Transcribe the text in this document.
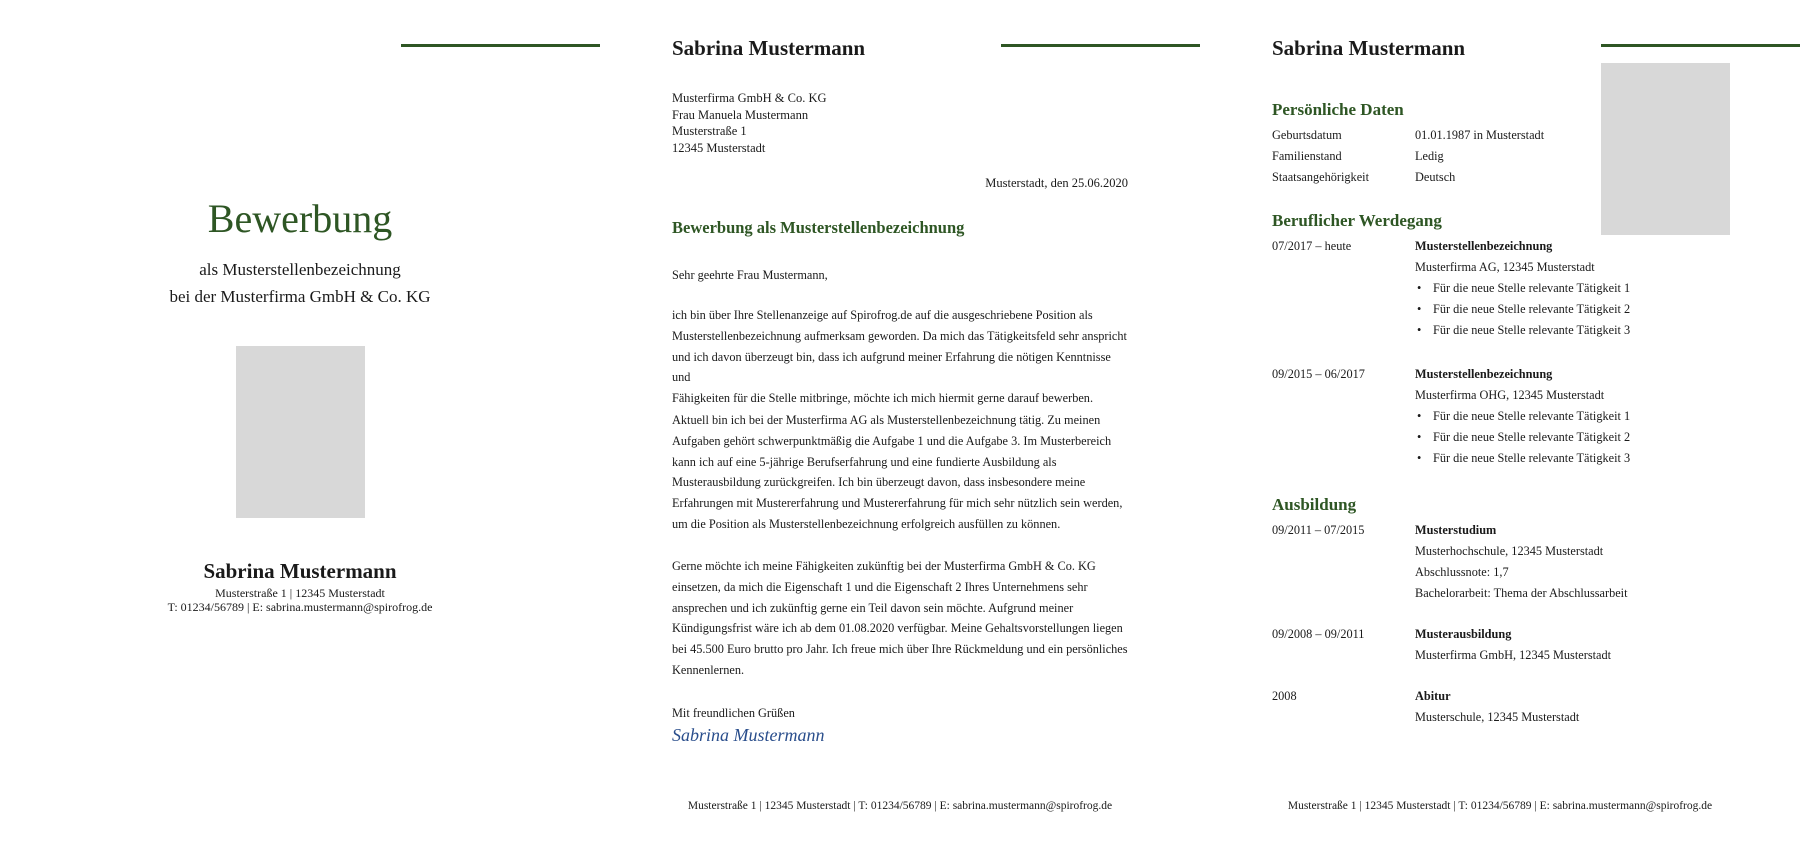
Bewerbung
als Musterstellenbezeichnung
bei der Musterfirma GmbH & Co. KG
Sabrina Mustermann
Musterstraße 1 | 12345 Musterstadt
T: 01234/56789 | E: sabrina.mustermann@spirofrog.de
Sabrina Mustermann
Musterfirma GmbH & Co. KG
Frau Manuela Mustermann
Musterstraße 1
12345 Musterstadt
Musterstadt, den 25.06.2020
Bewerbung als Musterstellenbezeichnung
Sehr geehrte Frau Mustermann,

ich bin über Ihre Stellenanzeige auf Spirofrog.de auf die ausgeschriebene Position als

Musterstellenbezeichnung aufmerksam geworden. Da mich das Tätigkeitsfeld sehr anspricht

und ich davon überzeugt bin, dass ich aufgrund meiner Erfahrung die nötigen Kenntnisse und

Fähigkeiten für die Stelle mitbringe, möchte ich mich hiermit gerne darauf bewerben.

Aktuell bin ich bei der Musterfirma AG als Musterstellenbezeichnung tätig. Zu meinen

Aufgaben gehört schwerpunktmäßig die Aufgabe 1 und die Aufgabe 3. Im Musterbereich

kann ich auf eine 5-jährige Berufserfahrung und eine fundierte Ausbildung als

Musterausbildung zurückgreifen. Ich bin überzeugt davon, dass insbesondere meine

Erfahrungen mit Mustererfahrung und Mustererfahrung für mich sehr nützlich sein werden,

um die Position als Musterstellenbezeichnung erfolgreich ausfüllen zu können.

Gerne möchte ich meine Fähigkeiten zukünftig bei der Musterfirma GmbH & Co. KG

einsetzen, da mich die Eigenschaft 1 und die Eigenschaft 2 Ihres Unternehmens sehr

ansprechen und ich zukünftig gerne ein Teil davon sein möchte. Aufgrund meiner

Kündigungsfrist wäre ich ab dem 01.08.2020 verfügbar. Meine Gehaltsvorstellungen liegen

bei 45.500 Euro brutto pro Jahr. Ich freue mich über Ihre Rückmeldung und ein persönliches

Kennenlernen.

Mit freundlichen Grüßen
Sabrina Mustermann
Musterstraße 1 | 12345 Musterstadt | T: 01234/56789 | E: sabrina.mustermann@spirofrog.de
Sabrina Mustermann
Persönliche Daten
Geburtsdatum	01.01.1987 in Musterstadt
Familienstand	Ledig
Staatsangehörigkeit	Deutsch
Beruflicher Werdegang
07/2017 – heute	Musterstellenbezeichnung
Musterfirma AG, 12345 Musterstadt
• Für die neue Stelle relevante Tätigkeit 1
• Für die neue Stelle relevante Tätigkeit 2
• Für die neue Stelle relevante Tätigkeit 3
09/2015 – 06/2017	Musterstellenbezeichnung
Musterfirma OHG, 12345 Musterstadt
• Für die neue Stelle relevante Tätigkeit 1
• Für die neue Stelle relevante Tätigkeit 2
• Für die neue Stelle relevante Tätigkeit 3
Ausbildung
09/2011 – 07/2015	Musterstudium
Musterhochschule, 12345 Musterstadt
Abschlussnote: 1,7
Bachelorarbeit: Thema der Abschlussarbeit
09/2008 – 09/2011	Musterausbildung
Musterfirma GmbH, 12345 Musterstadt
2008	Abitur
Musterschule, 12345 Musterstadt
Musterstraße 1 | 12345 Musterstadt | T: 01234/56789 | E: sabrina.mustermann@spirofrog.de
